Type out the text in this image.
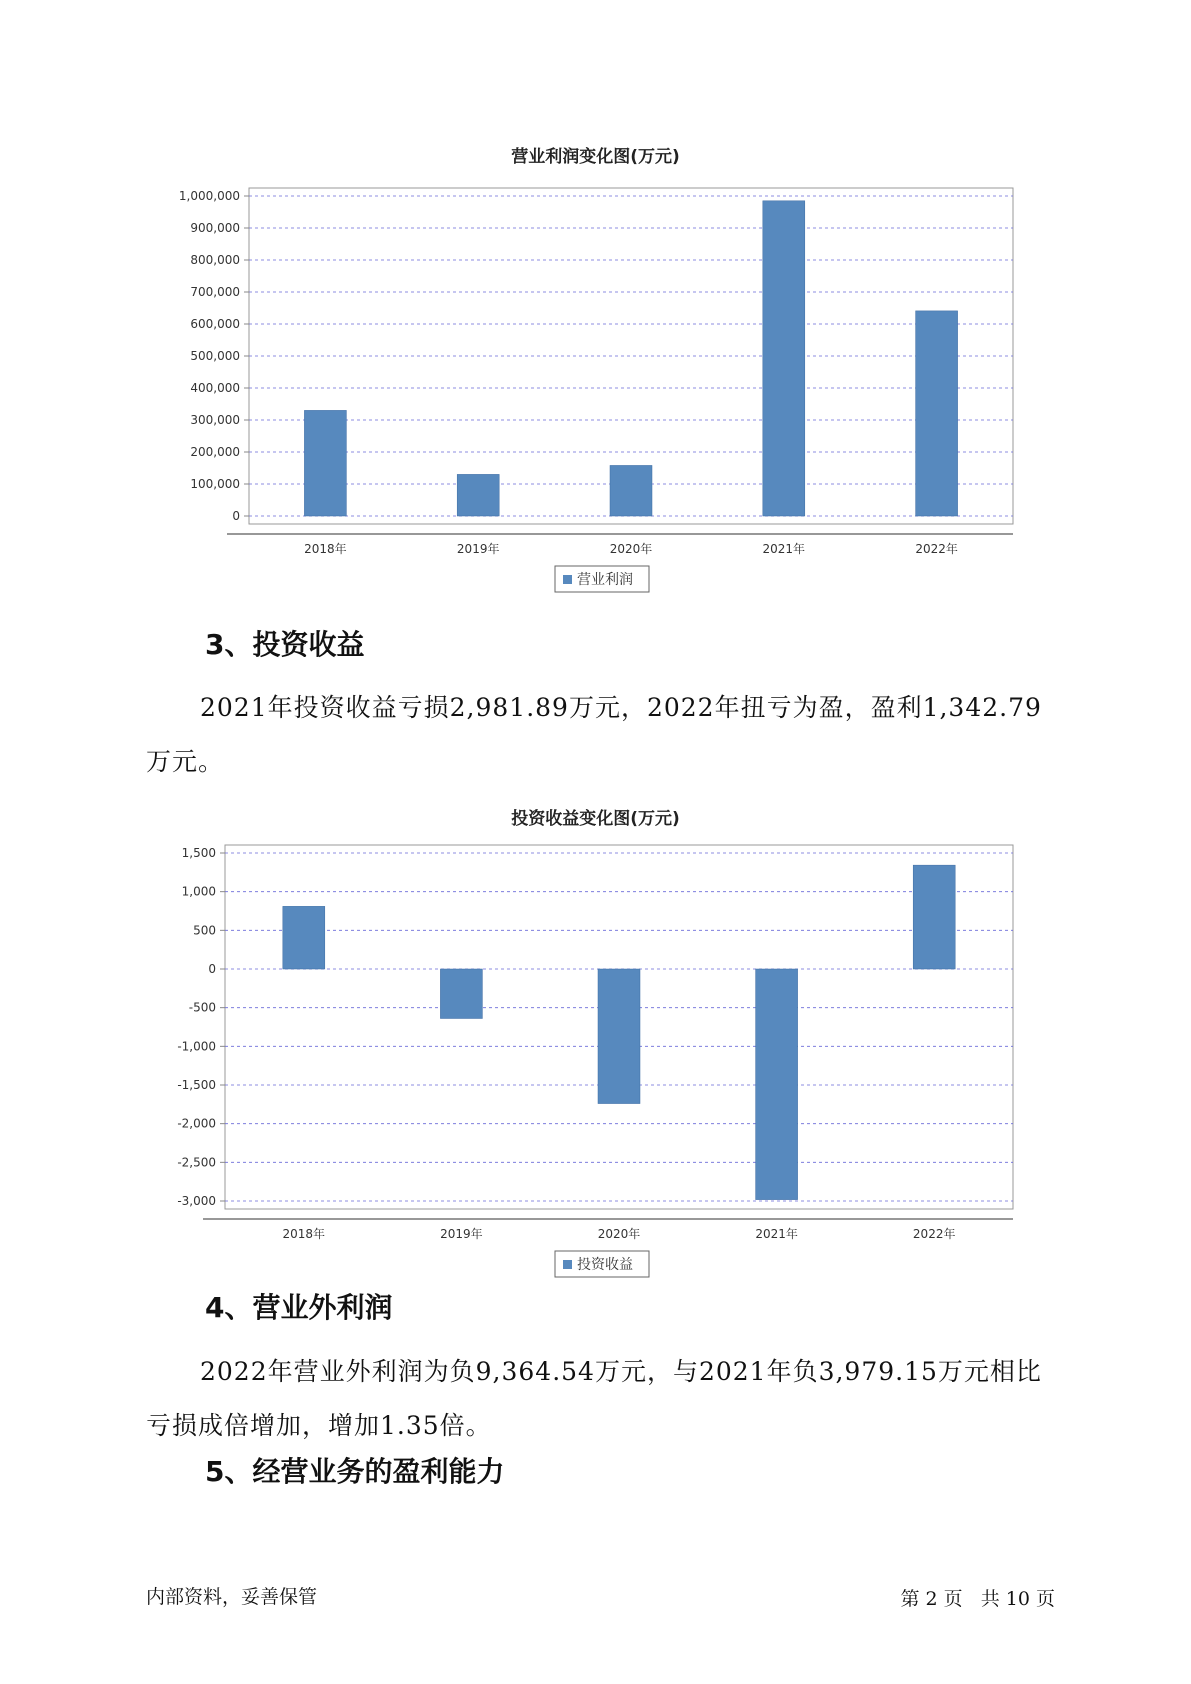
营业利润变化图(万元)
0
100,000
200,000
300,000
400,000
500,000
600,000
700,000
800,000
900,000
1,000,000
2018年	2019年	2020年	2021年	2022年
营业利润
3、投资收益

2021年投资收益亏损2,981.89万元，2022年扭亏为盈，盈利1,342.79万元。

投资收益变化图(万元)
1,500
1,000
500
0
-500
-1,000
-1,500
-2,000
-2,500
-3,000
2018年	2019年	2020年	2021年	2022年
投资收益
4、营业外利润

2022年营业外利润为负9,364.54万元，与2021年负3,979.15万元相比亏损成倍增加，增加1.35倍。

5、经营业务的盈利能力
内部资料，妥善保管	第 2 页   共 10 页
